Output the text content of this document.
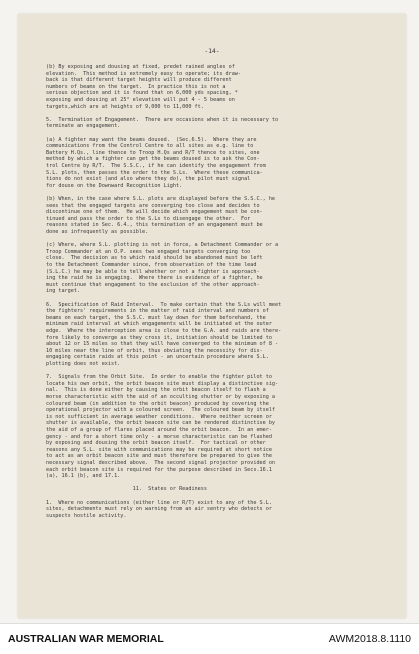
-14-
(b) By exposing and dousing at fixed, predet rained angles of
elevation.  This method is extremely easy to operate; its draw-
back is that different target heights will produce different
numbers of beams on the target.  In practice this is not a
serious objection and it is found that on 6,000 yds spacing, *
exposing and dousing at 25° elevation will put 4 - 5 beams on
targets,which are at heights of 9,000 to 11,000 ft.
5.  Termination of Engagement.  There are occasions when it is necessary to
terminate an engagement.
(a) A fighter may want the beams doused.  (Sec.6.5).  Where they are
communications from the Control Centre to all sites as e.g. line to
Battery H.Qs., line thence to Troop H.Qs and R/T thence to sites, one
method by which a fighter can get the beams doused is to ask the Con-
trol Centre by R/T.  The S.S.C., if he can identify the engagement from
S.L. plots, then passes the order to the S.Ls.  Where these communica-
tions do not exist (and also where they do), the pilot must signal
for douse on the Downward Recognition Light.
(b) When, in the case where S.L. plots are displayed before the S.S.C., he
sees that the engaged targets are converging too close and decides to
discontinue one of them.  He will decide which engagement must be con-
tinued and pass the order to the S.Ls to disengage the other.  For
reasons stated in Sec. 6.4., this termination of an engagement must be
done as infrequently as possible.
(c) Where, where S.L. plotting is not in force, a Detachment Commander or a
Troop Commander at an O.P. sees two engaged targets converging too
close.  The decision as to which raid should be abandoned must be left
to the Detachment Commander since, from observation of the time lead
(S.L.C.) he may be able to tell whether or not a fighter is approach-
ing the raid he is engaging.  Where there is evidence of a fighter, he
must continue that engagement to the exclusion of the other approach-
ing target.
6.  Specification of Raid Interval.  To make certain that the S.Ls will meet
the fighters' requirements in the matter of raid interval and numbers of
beams on each target, the S.S.C. must lay down for them beforehand, the
minimum raid interval at which engagements will be initiated at the outer
edge.  Where the interception area is close to the G.A. and raids are there-
fore likely to converge as they cross it, initiation should be limited to
about 12 or 15 miles so that they will have converged to the minimum of 8 -
10 miles near the line of orbit, thus obviating the necessity for dis-
engaging certain raids at this point - an uncertain procedure where S.L.
plotting does not exist.
7.  Signals from the Orbit Site.  In order to enable the fighter pilot to
locate his own orbit, the orbit beacon site must display a distinctive sig-
nal.  This is done either by causing the orbit beacon itself to flash a
morse characteristic with the aid of an occulting shutter or by exposing a
coloured beam (in addition to the orbit beacon) produced by covering the
operational projector with a coloured screen.  The coloured beam by itself
is not sufficient in average weather conditions.  Where neither screen or
shutter is available, the orbit beacon site can be rendered distinctive by
the aid of a group of flares placed around the orbit beacon.  In an emer-
gency - and for a short time only - a morse characteristic can be flashed
by exposing and dousing the orbit beacon itself.  For tactical or other
reasons any S.L. site with communications may be required at short notice
to act as an orbit beacon site and must therefore be prepared to give the
necessary signal described above.  The second signal projector provided on
each orbit beacon site is required for the purpose described in Secs.16.1
(a), 16.1 (b), and 17.1.
11.  States or Readiness
1.  Where no communications (either line or R/T) exist to any of the S.L.
sites, detachments must rely on warning from an air sentry who detects or
suspects hostile activity.
AUSTRALIAN WAR MEMORIAL	AWM2018.8.1110
